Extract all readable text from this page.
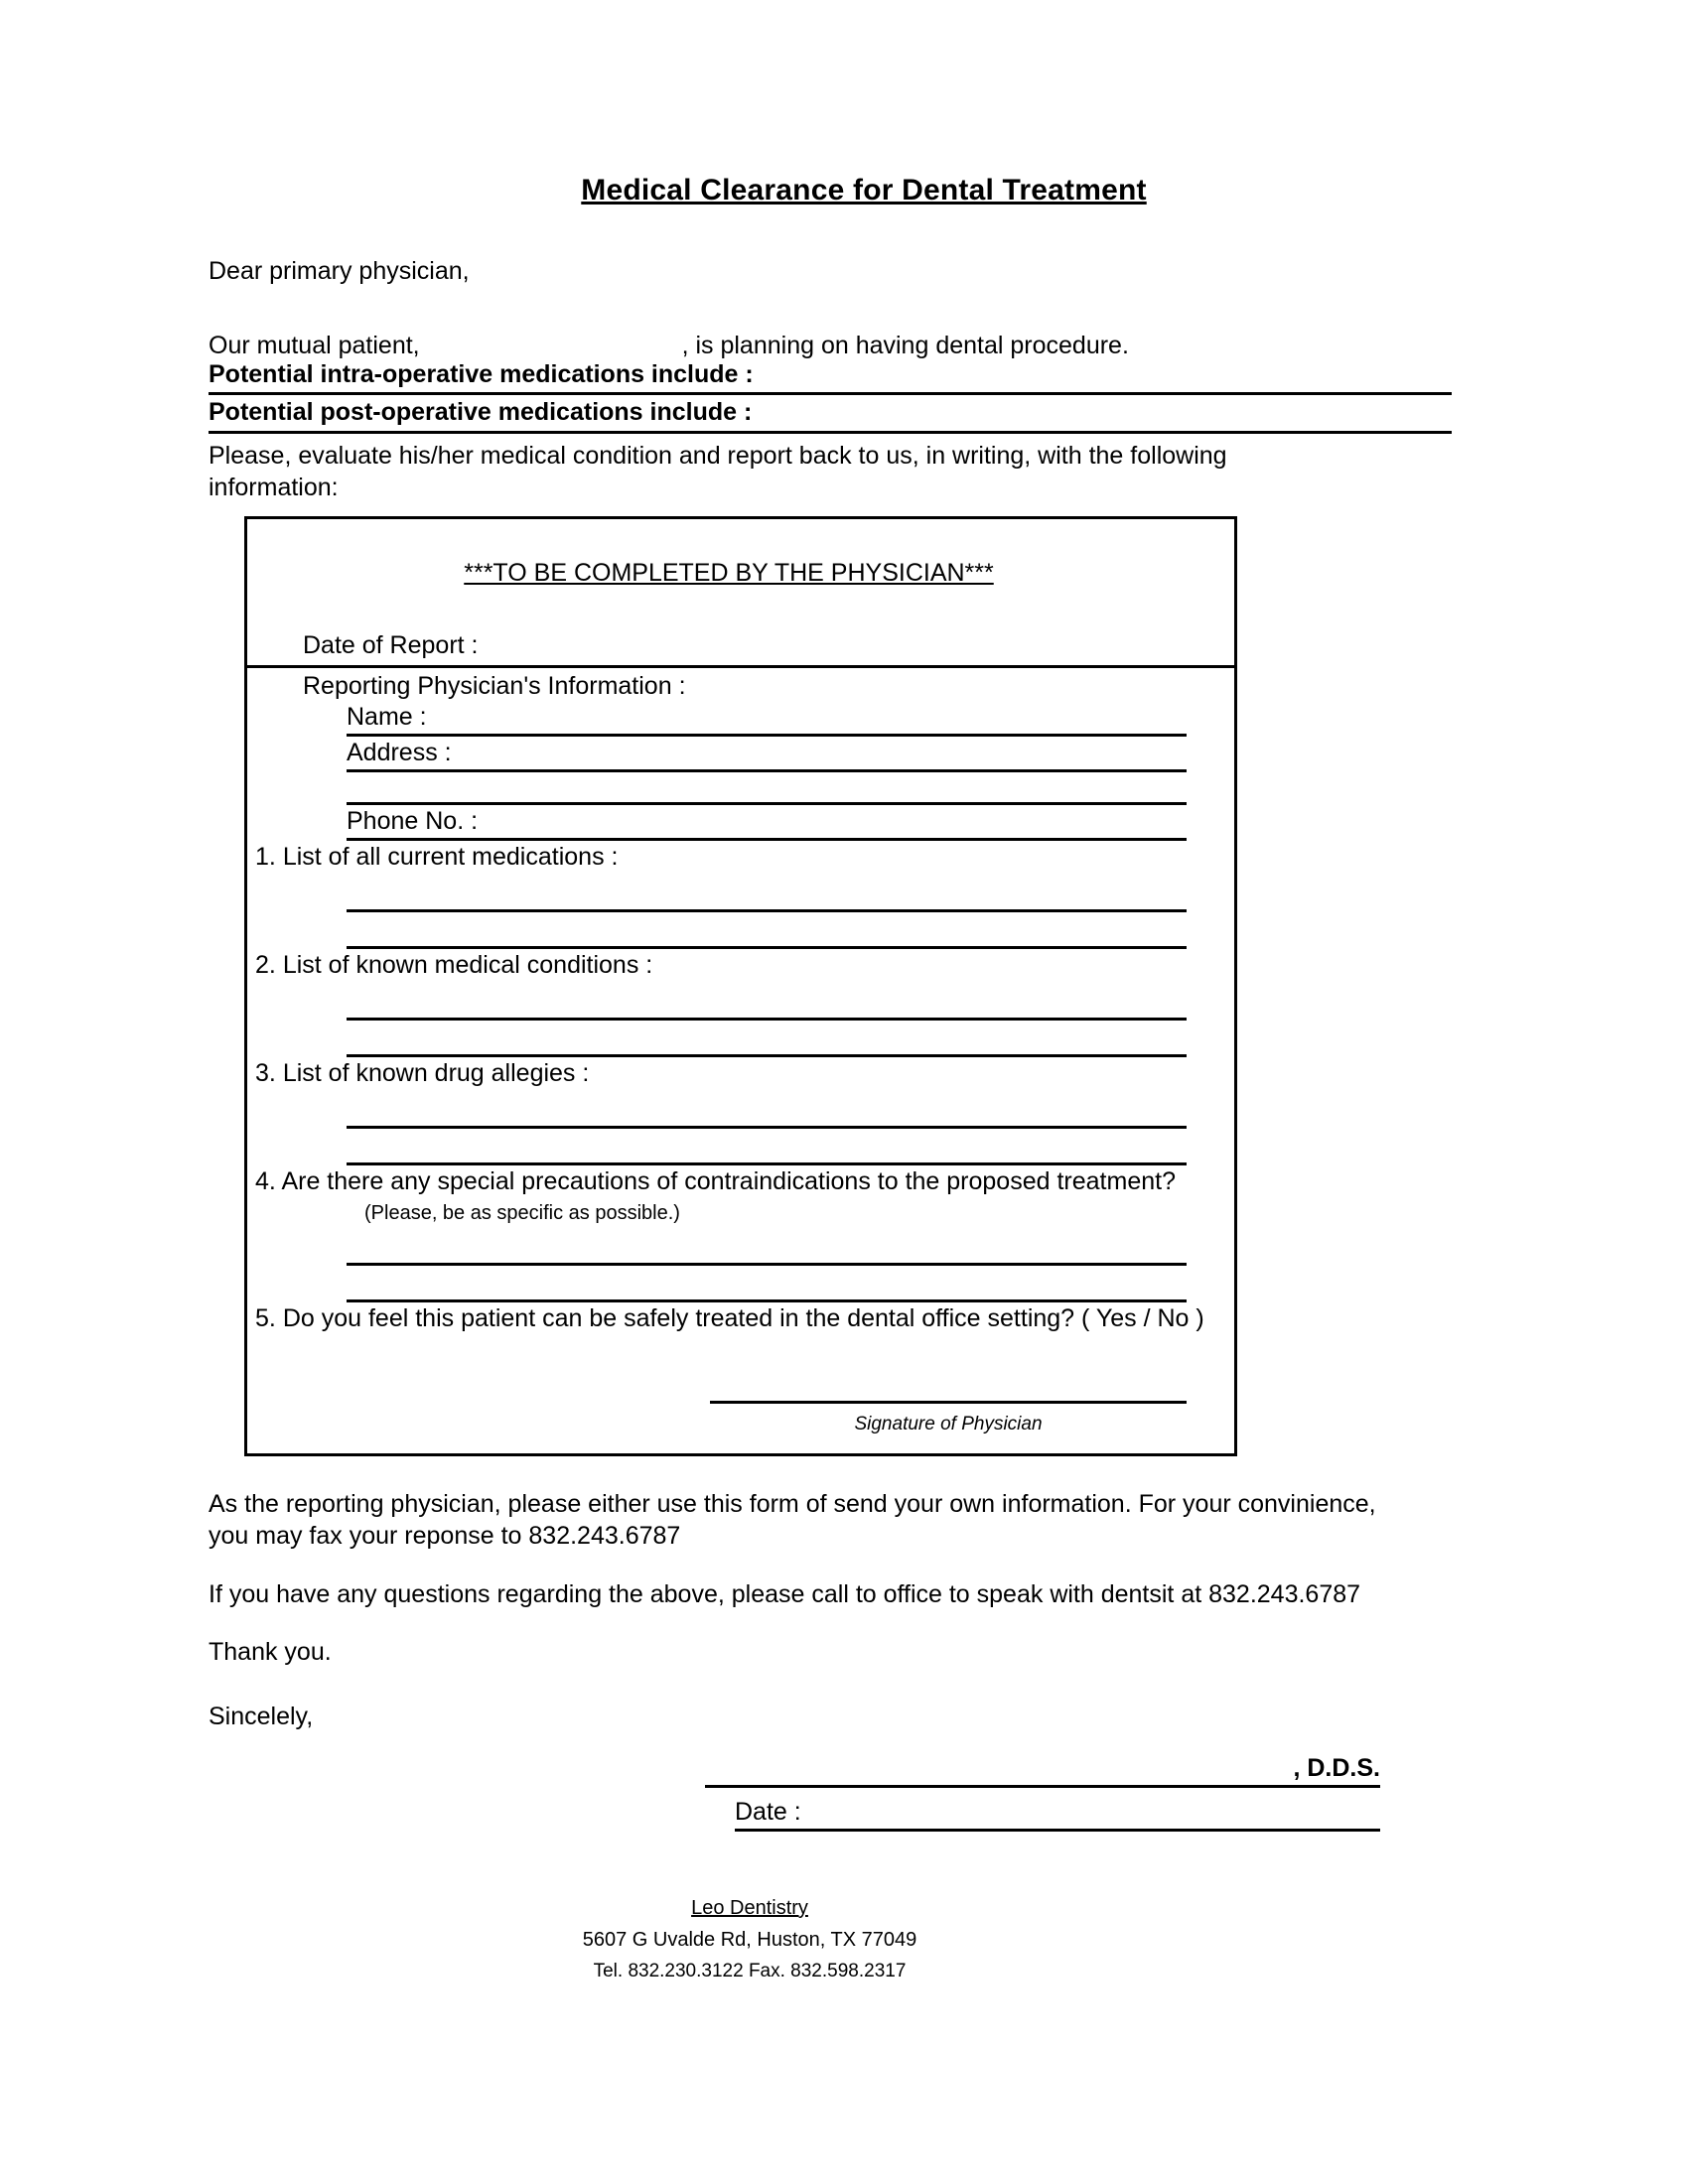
Medical Clearance for Dental Treatment
Dear primary physician,
Our mutual patient,	, is planning on having dental procedure.
Potential intra-operative medications include :
Potential post-operative medications include :
Please, evaluate his/her medical condition and report back to us, in writing, with the following information:
***TO BE COMPLETED BY THE PHYSICIAN***
Date of Report :
Reporting Physician's Information :
Name :
Address :
Phone No. :
1. List of all current medications :
2. List of known medical conditions :
3. List of known drug allegies :
4. Are there any special precautions of contraindications to the proposed treatment?
(Please, be as specific as possible.)
5. Do you feel this patient can be safely treated in the dental office setting? ( Yes / No )
Signature of Physician
As the reporting physician, please either use this form of send your own information. For your convinience, you may fax your reponse to 832.243.6787
If you have any questions regarding the above, please call to office to speak with dentsit at 832.243.6787
Thank you.
Sincelely,
, D.D.S.
Date :
Leo Dentistry
5607 G Uvalde Rd, Huston, TX 77049
Tel. 832.230.3122 Fax. 832.598.2317
